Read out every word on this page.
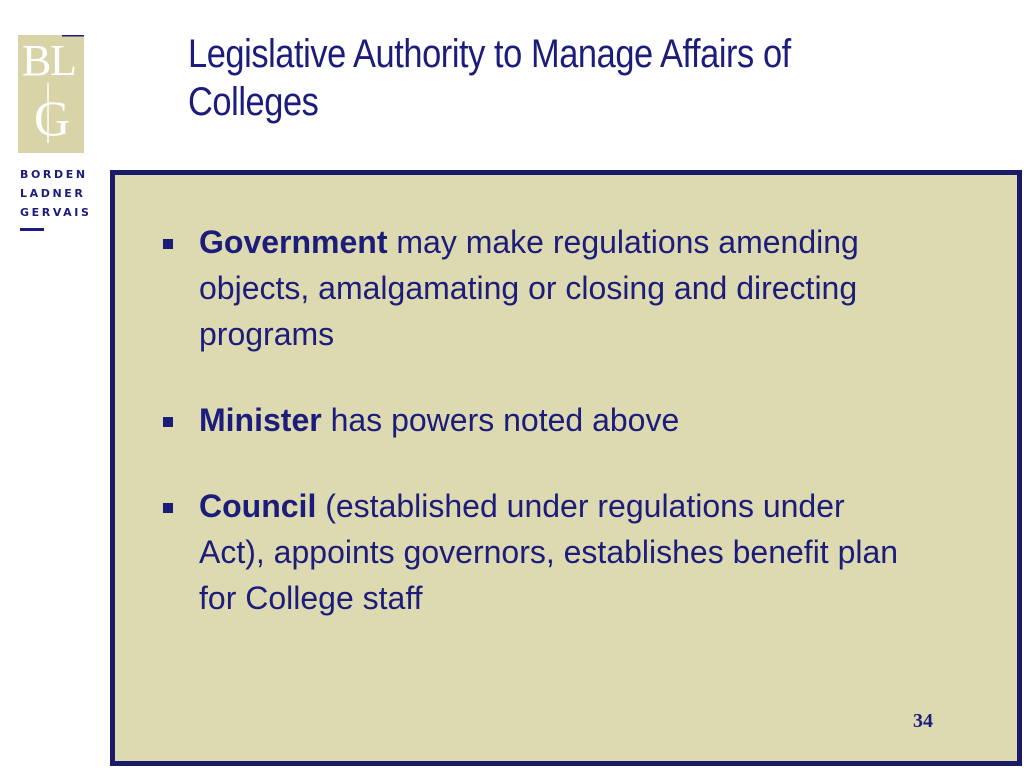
B
L
G
BORDEN
LADNER
GERVAIS
Legislative Authority to Manage Affairs of Colleges
Government may make regulations amending objects, amalgamating or closing and directing programs
Minister has powers noted above
Council (established under regulations under Act), appoints governors, establishes benefit plan for College staff
34
